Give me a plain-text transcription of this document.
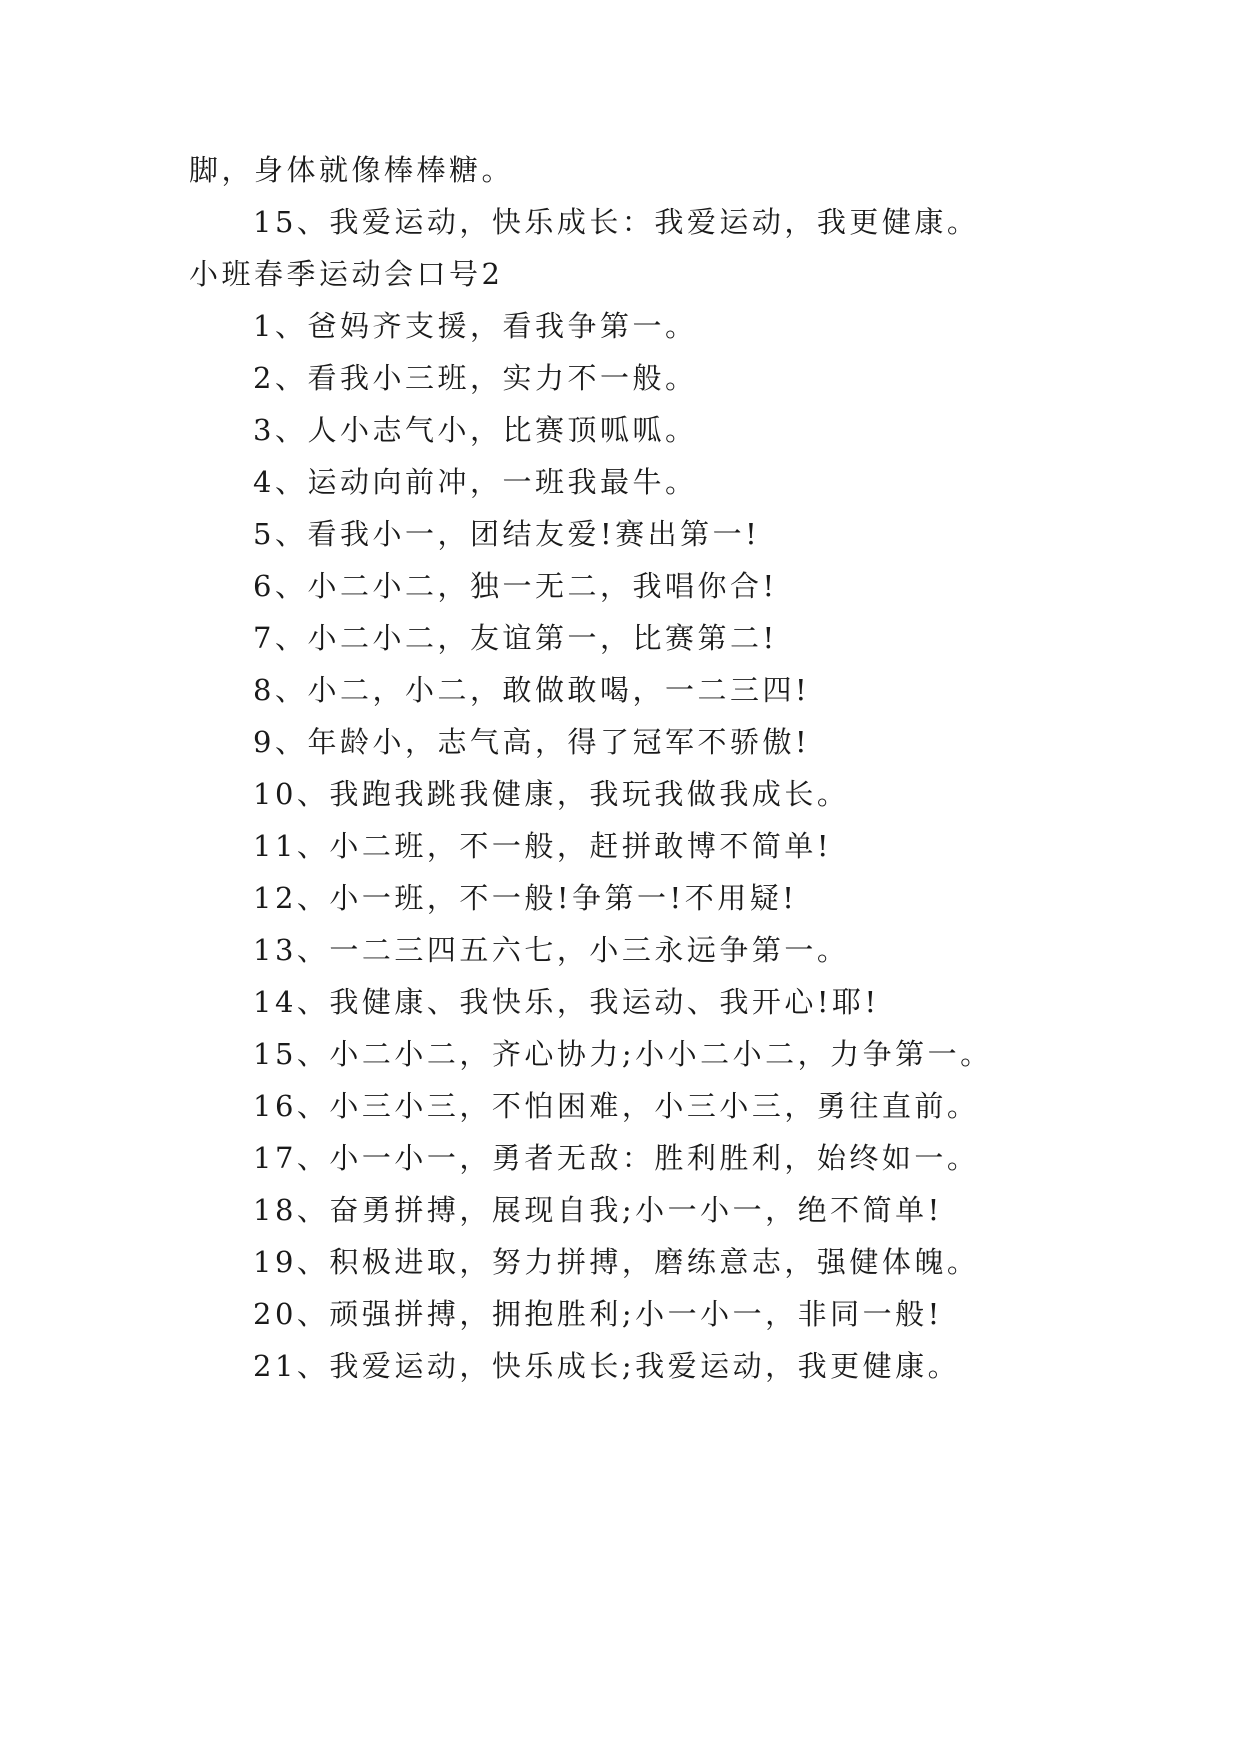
脚，身体就像棒棒糖。
15、我爱运动，快乐成长：我爱运动，我更健康。
小班春季运动会口号2
1、爸妈齐支援，看我争第一。
2、看我小三班，实力不一般。
3、人小志气小，比赛顶呱呱。
4、运动向前冲，一班我最牛。
5、看我小一，团结友爱!赛出第一!
6、小二小二，独一无二，我唱你合!
7、小二小二，友谊第一，比赛第二!
8、小二，小二，敢做敢喝，一二三四!
9、年龄小，志气高，得了冠军不骄傲!
10、我跑我跳我健康，我玩我做我成长。
11、小二班，不一般，赶拼敢博不简单!
12、小一班，不一般!争第一!不用疑!
13、一二三四五六七，小三永远争第一。
14、我健康、我快乐，我运动、我开心!耶!
15、小二小二，齐心协力;小小二小二，力争第一。
16、小三小三，不怕困难，小三小三，勇往直前。
17、小一小一，勇者无敌：胜利胜利，始终如一。
18、奋勇拼搏，展现自我;小一小一，绝不简单!
19、积极进取，努力拼搏，磨练意志，强健体魄。
20、顽强拼搏，拥抱胜利;小一小一，非同一般!
21、我爱运动，快乐成长;我爱运动，我更健康。
